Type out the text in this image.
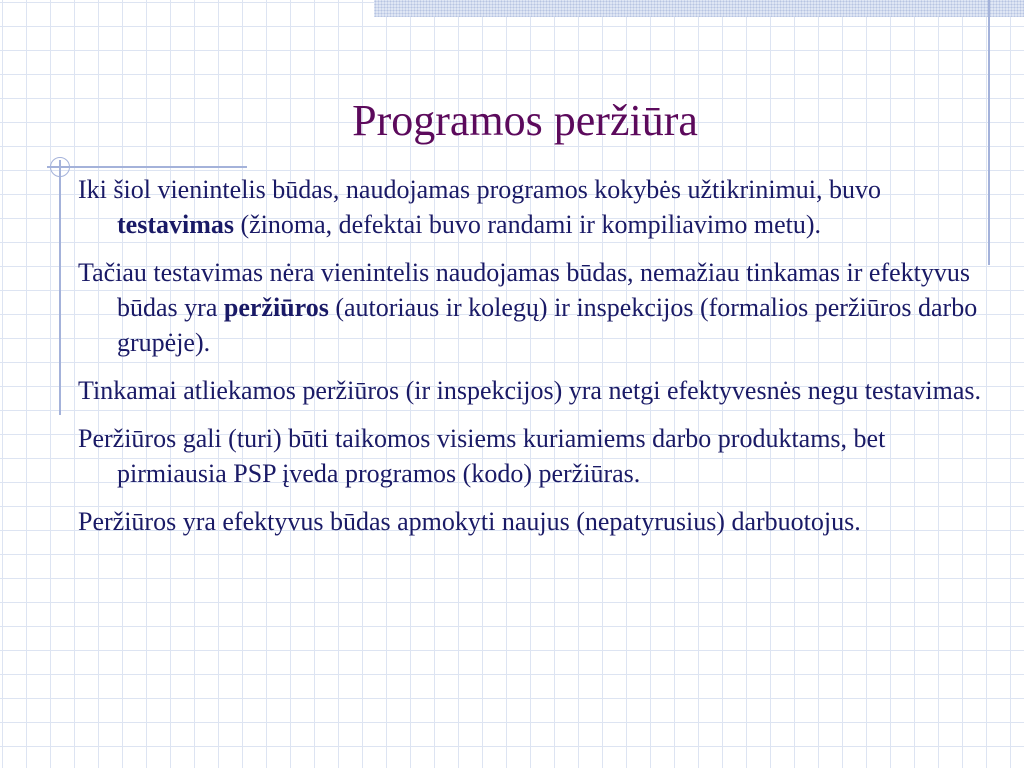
Programos peržiūra
Iki šiol vienintelis būdas, naudojamas programos kokybės užtikrinimui, buvo testavimas (žinoma, defektai buvo randami ir kompiliavimo metu).
Tačiau testavimas nėra vienintelis naudojamas būdas, nemažiau tinkamas ir efektyvus būdas yra peržiūros (autoriaus ir kolegų) ir inspekcijos (formalios peržiūros darbo grupėje).
Tinkamai atliekamos peržiūros (ir inspekcijos) yra netgi efektyvesnės negu testavimas.
Peržiūros gali (turi) būti taikomos visiems kuriamiems darbo produktams, bet pirmiausia PSP įveda programos (kodo) peržiūras.
Peržiūros yra efektyvus būdas apmokyti naujus (nepatyrusius) darbuotojus.
